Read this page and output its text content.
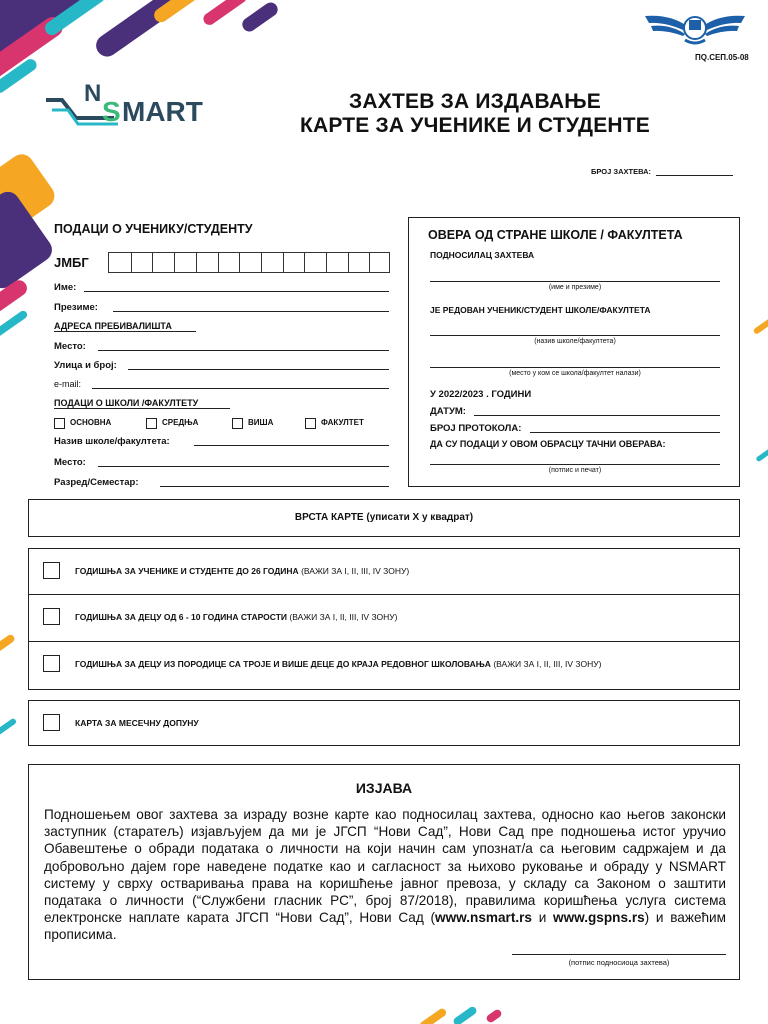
N
S MART
ПQ.СЕП.05-08
ЗАХТЕВ ЗА ИЗДАВАЊЕ
КАРТЕ ЗА УЧЕНИКЕ И СТУДЕНТЕ
БРОЈ ЗАХТЕВА:
ПОДАЦИ О УЧЕНИКУ/СТУДЕНТУ
ЈМБГ
Име:
Презиме:
АДРЕСА ПРЕБИВАЛИШТА
Место:
Улица и број:
e-mail:
ПОДАЦИ О ШКОЛИ /ФАКУЛТЕТУ
ОСНОВНА	СРЕДЊА	ВИША	ФАКУЛТЕТ
Назив школе/факултета:
Место:
Разред/Семестар:
ОВЕРА ОД СТРАНЕ ШКОЛЕ / ФАКУЛТЕТА
ПОДНОСИЛАЦ ЗАХТЕВА
(име и презиме)
ЈЕ РЕДОВАН УЧЕНИК/СТУДЕНТ ШКОЛЕ/ФАКУЛТЕТА
(назив школе/факултета)
(место у ком се школа/факултет налази)
У 2022/2023 . ГОДИНИ
ДАТУМ:
БРОЈ ПРОТОКОЛА:
ДА СУ ПОДАЦИ У ОВОМ ОБРАСЦУ ТАЧНИ ОВЕРАВА:
(потпис и печат)
ВРСТА КАРТЕ (уписати Х у квадрат)
ГОДИШЊА ЗА УЧЕНИКЕ И СТУДЕНТЕ ДО 26 ГОДИНА (ВАЖИ ЗА I, II, III, IV ЗОНУ)
ГОДИШЊА ЗА ДЕЦУ ОД 6 - 10 ГОДИНА СТАРОСТИ (ВАЖИ ЗА I, II, III, IV ЗОНУ)
ГОДИШЊА ЗА ДЕЦУ ИЗ ПОРОДИЦЕ СА ТРОЈЕ И ВИШЕ ДЕЦЕ ДО КРАЈА РЕДОВНОГ ШКОЛОВАЊА (ВАЖИ ЗА I, II, III, IV ЗОНУ)
КАРТА ЗА МЕСЕЧНУ ДОПУНУ
ИЗЈАВА
Подношењем овог захтева за израду возне карте као подносилац захтева, односно као његов законски заступник (старатељ) изјављујем да ми је ЈГСП “Нови Сад”, Нови Сад пре подношења истог уручио Обавештење о обради података о личности на који начин сам упознат/а са његовим садржајем и да добровољно дајем горе наведене податке као и сагласност за њихово руковање и обраду у NSMART систему у сврху остваривања права на коришћење јавног превоза, у складу са Законом о заштити података о личности (“Службени гласник РС”, број 87/2018), правилима коришћења услуга система електронске наплате карата ЈГСП “Нови Сад”, Нови Сад (www.nsmart.rs и www.gspns.rs) и важећим прописима.
(потпис подносиоца захтева)
